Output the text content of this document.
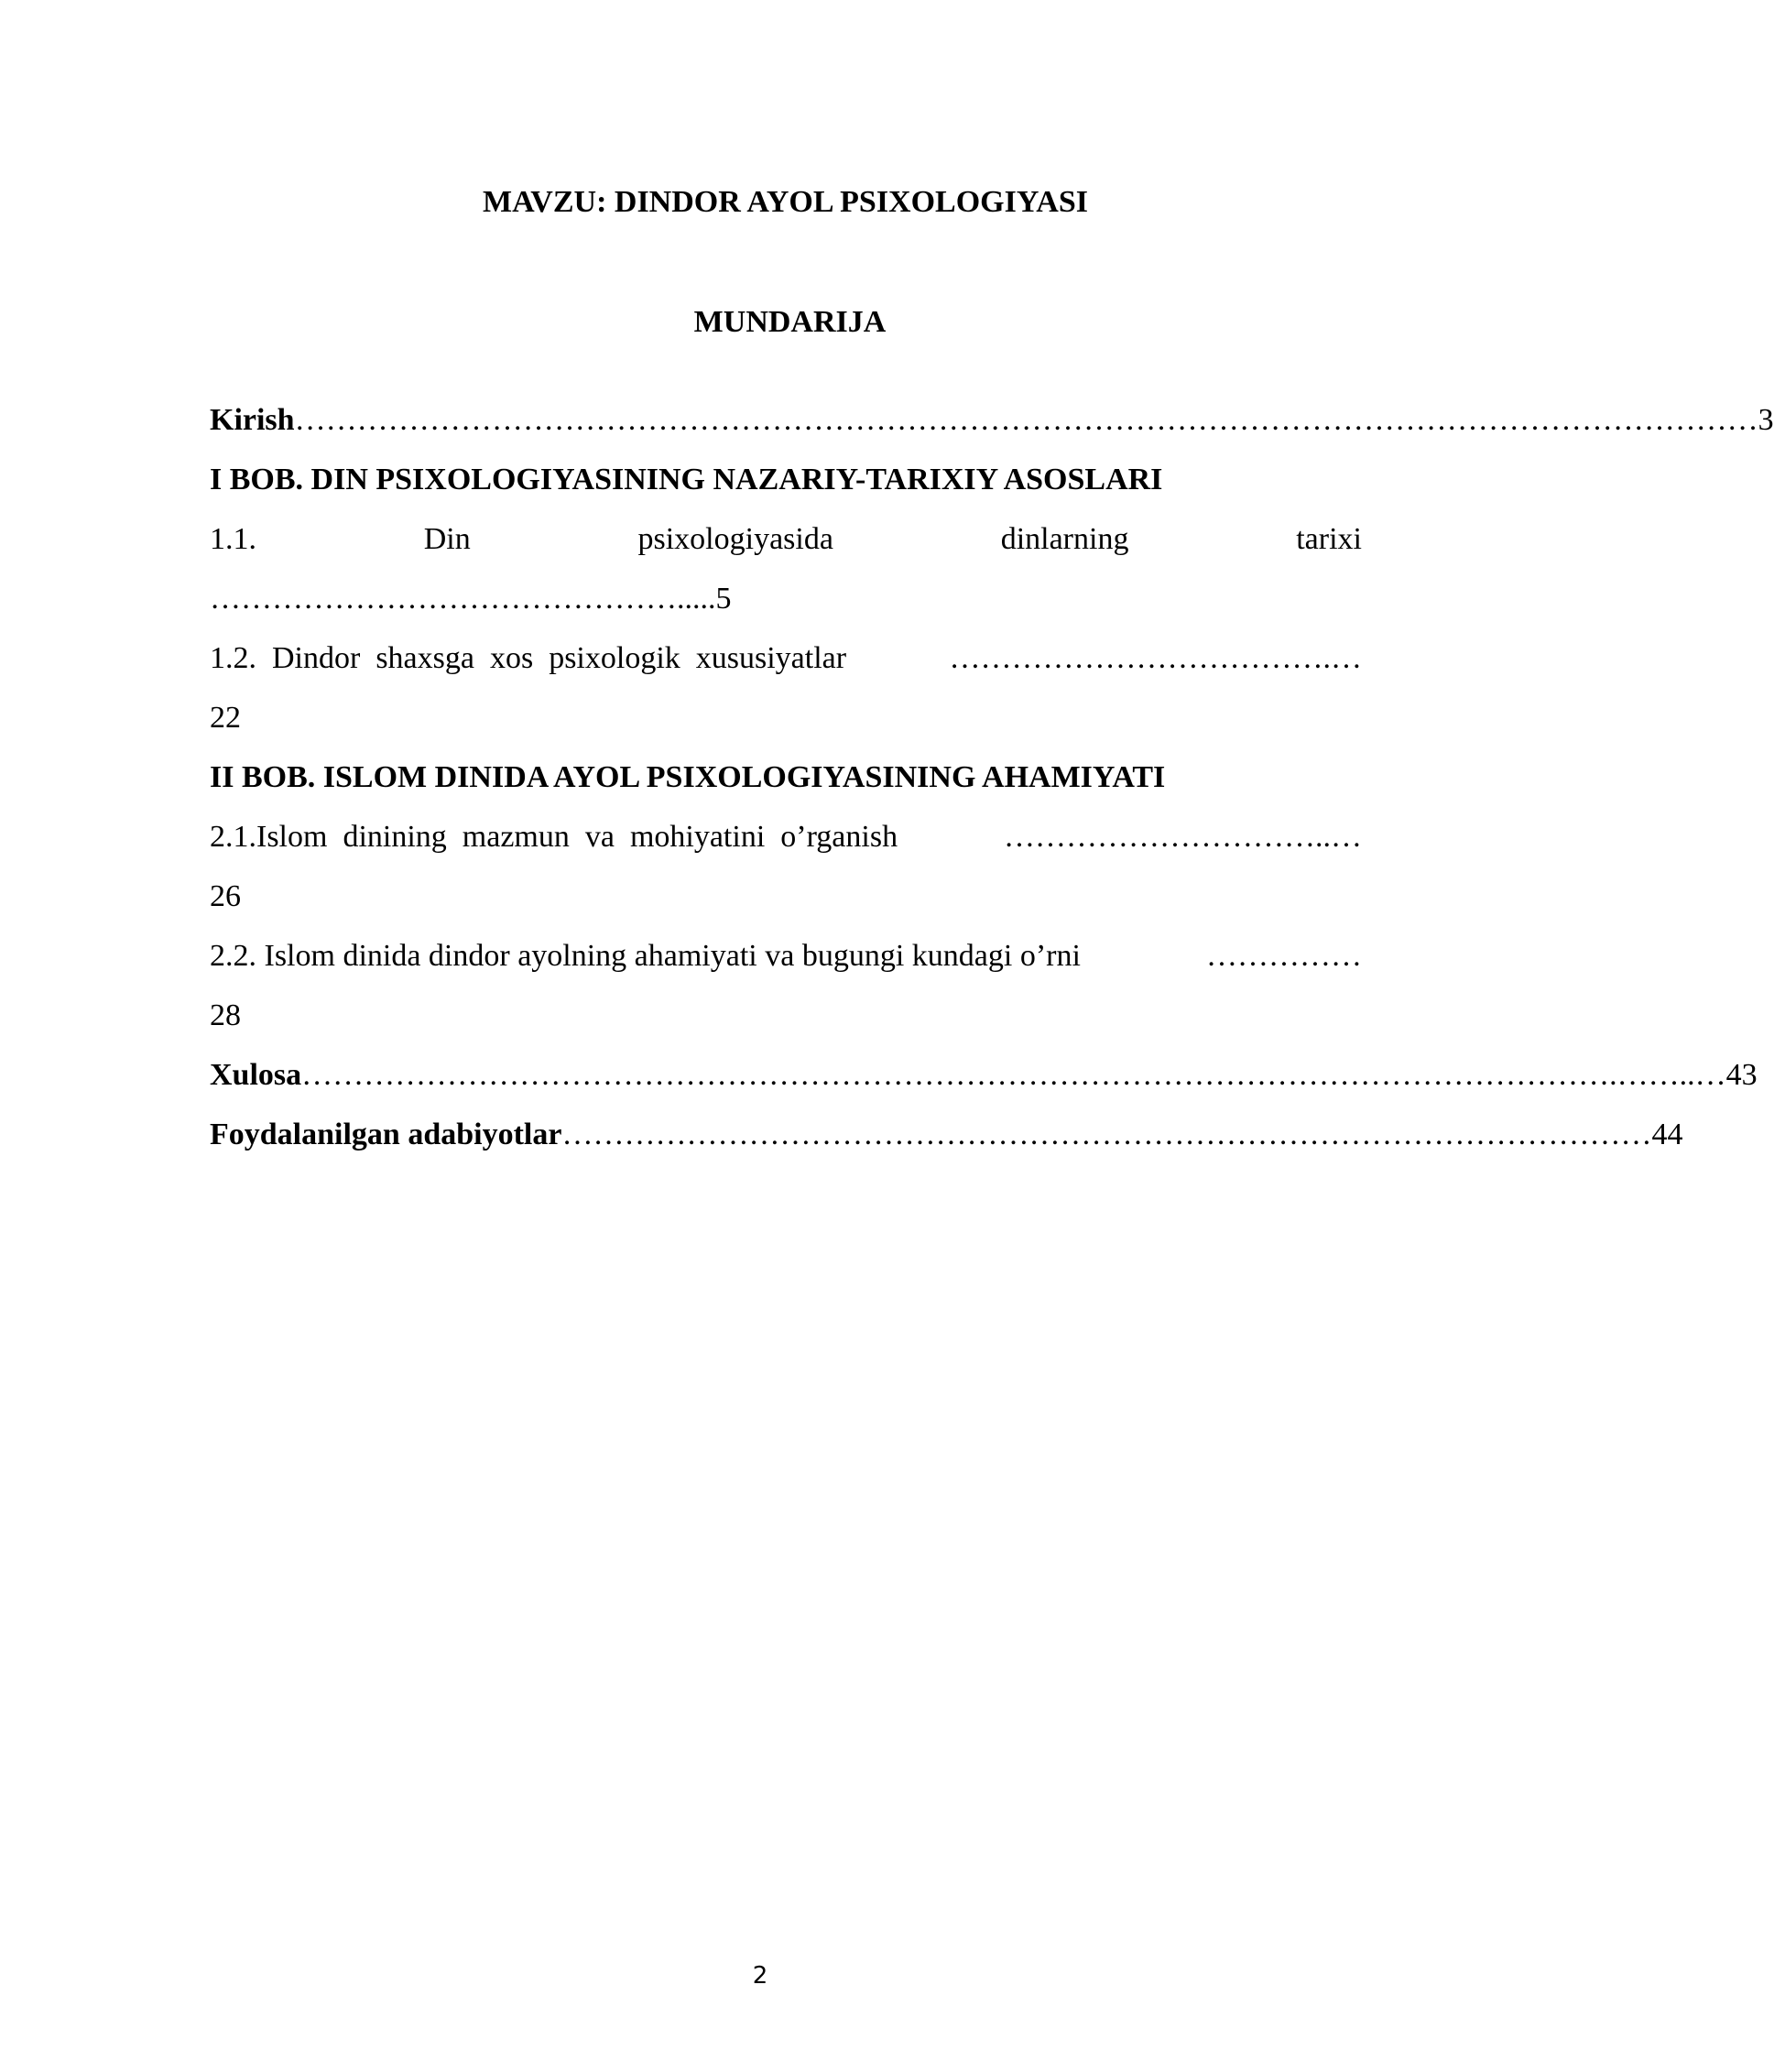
MAVZU: DINDOR AYOL PSIXOLOGIYASI
MUNDARIJA
Kirish …………………………………………………………………………………………………………………………… 3
I BOB. DIN PSIXOLOGIYASINING NAZARIY-TARIXIY ASOSLARI
1.1.	Din	psixologiyasida	dinlarning	tarixi
……………………………………….....5
1.2.  Dindor  shaxsga  xos  psixologik  xususiyatlar	……………………………….…
22
II BOB. ISLOM DINIDA AYOL PSIXOLOGIYASINING AHAMIYATI
2.1.Islom  dinining  mazmun  va  mohiyatini  o’rganish	…………………………..…
26
2.2. Islom dinida dindor ayolning ahamiyati va bugungi kundagi o’rni	……………
28
Xulosa ……………………………………………………………………………………………………………….……..… 43
Foydalanilgan adabiyotlar …………………………………………………………………………………………… 44
2
